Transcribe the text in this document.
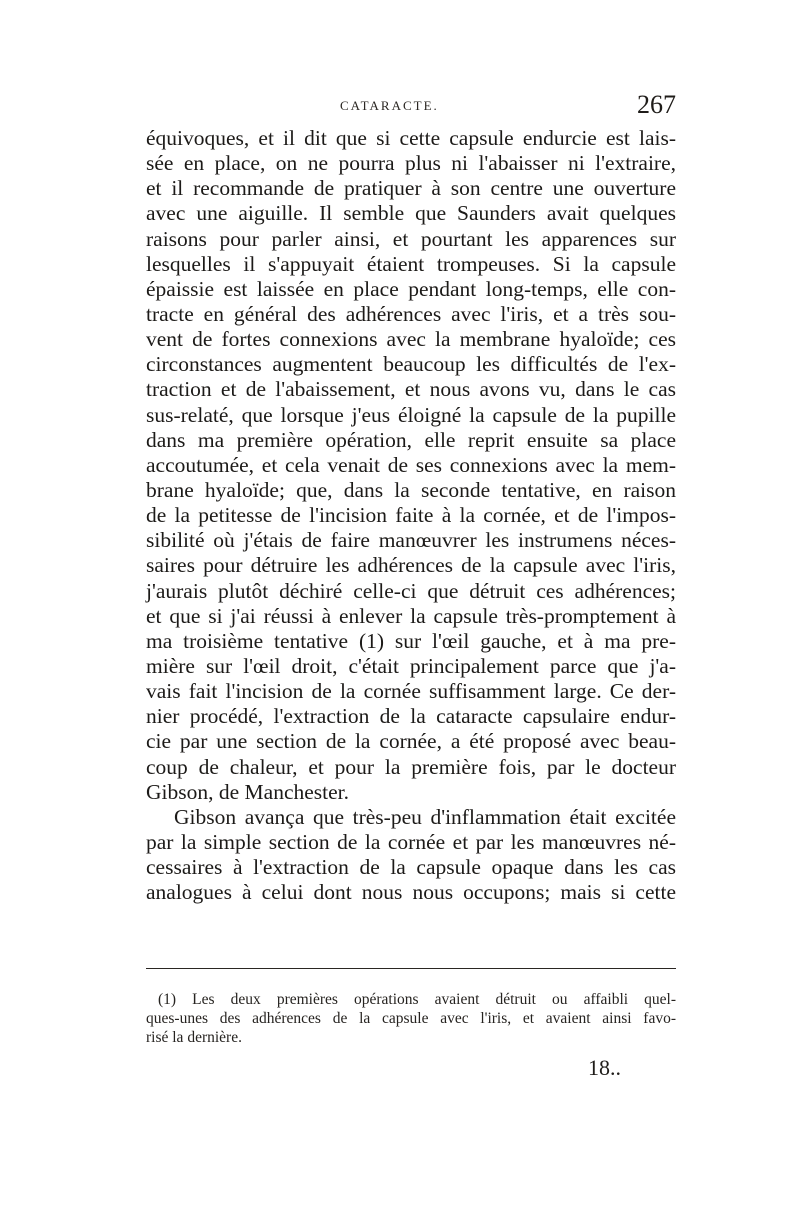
CATARACTE.	267
équivoques, et il dit que si cette capsule endurcie est lais-
sée en place, on ne pourra plus ni l'abaisser ni l'extraire,
et il recommande de pratiquer à son centre une ouverture
avec une aiguille. Il semble que Saunders avait quelques
raisons pour parler ainsi, et pourtant les apparences sur
lesquelles il s'appuyait étaient trompeuses. Si la capsule
épaissie est laissée en place pendant long-temps, elle con-
tracte en général des adhérences avec l'iris, et a très sou-
vent de fortes connexions avec la membrane hyaloïde; ces
circonstances augmentent beaucoup les difficultés de l'ex-
traction et de l'abaissement, et nous avons vu, dans le cas
sus-relaté, que lorsque j'eus éloigné la capsule de la pupille
dans ma première opération, elle reprit ensuite sa place
accoutumée, et cela venait de ses connexions avec la mem-
brane hyaloïde; que, dans la seconde tentative, en raison
de la petitesse de l'incision faite à la cornée, et de l'impos-
sibilité où j'étais de faire manœuvrer les instrumens néces-
saires pour détruire les adhérences de la capsule avec l'iris,
j'aurais plutôt déchiré celle-ci que détruit ces adhérences;
et que si j'ai réussi à enlever la capsule très-promptement à
ma troisième tentative (1) sur l'œil gauche, et à ma pre-
mière sur l'œil droit, c'était principalement parce que j'a-
vais fait l'incision de la cornée suffisamment large. Ce der-
nier procédé, l'extraction de la cataracte capsulaire endur-
cie par une section de la cornée, a été proposé avec beau-
coup de chaleur, et pour la première fois, par le docteur
Gibson, de Manchester.
Gibson avança que très-peu d'inflammation était excitée
par la simple section de la cornée et par les manœuvres né-
cessaires à l'extraction de la capsule opaque dans les cas
analogues à celui dont nous nous occupons; mais si cette
(1) Les deux premières opérations avaient détruit ou affaibli quel-
ques-unes des adhérences de la capsule avec l'iris, et avaient ainsi favo-
risé la dernière.
18..
